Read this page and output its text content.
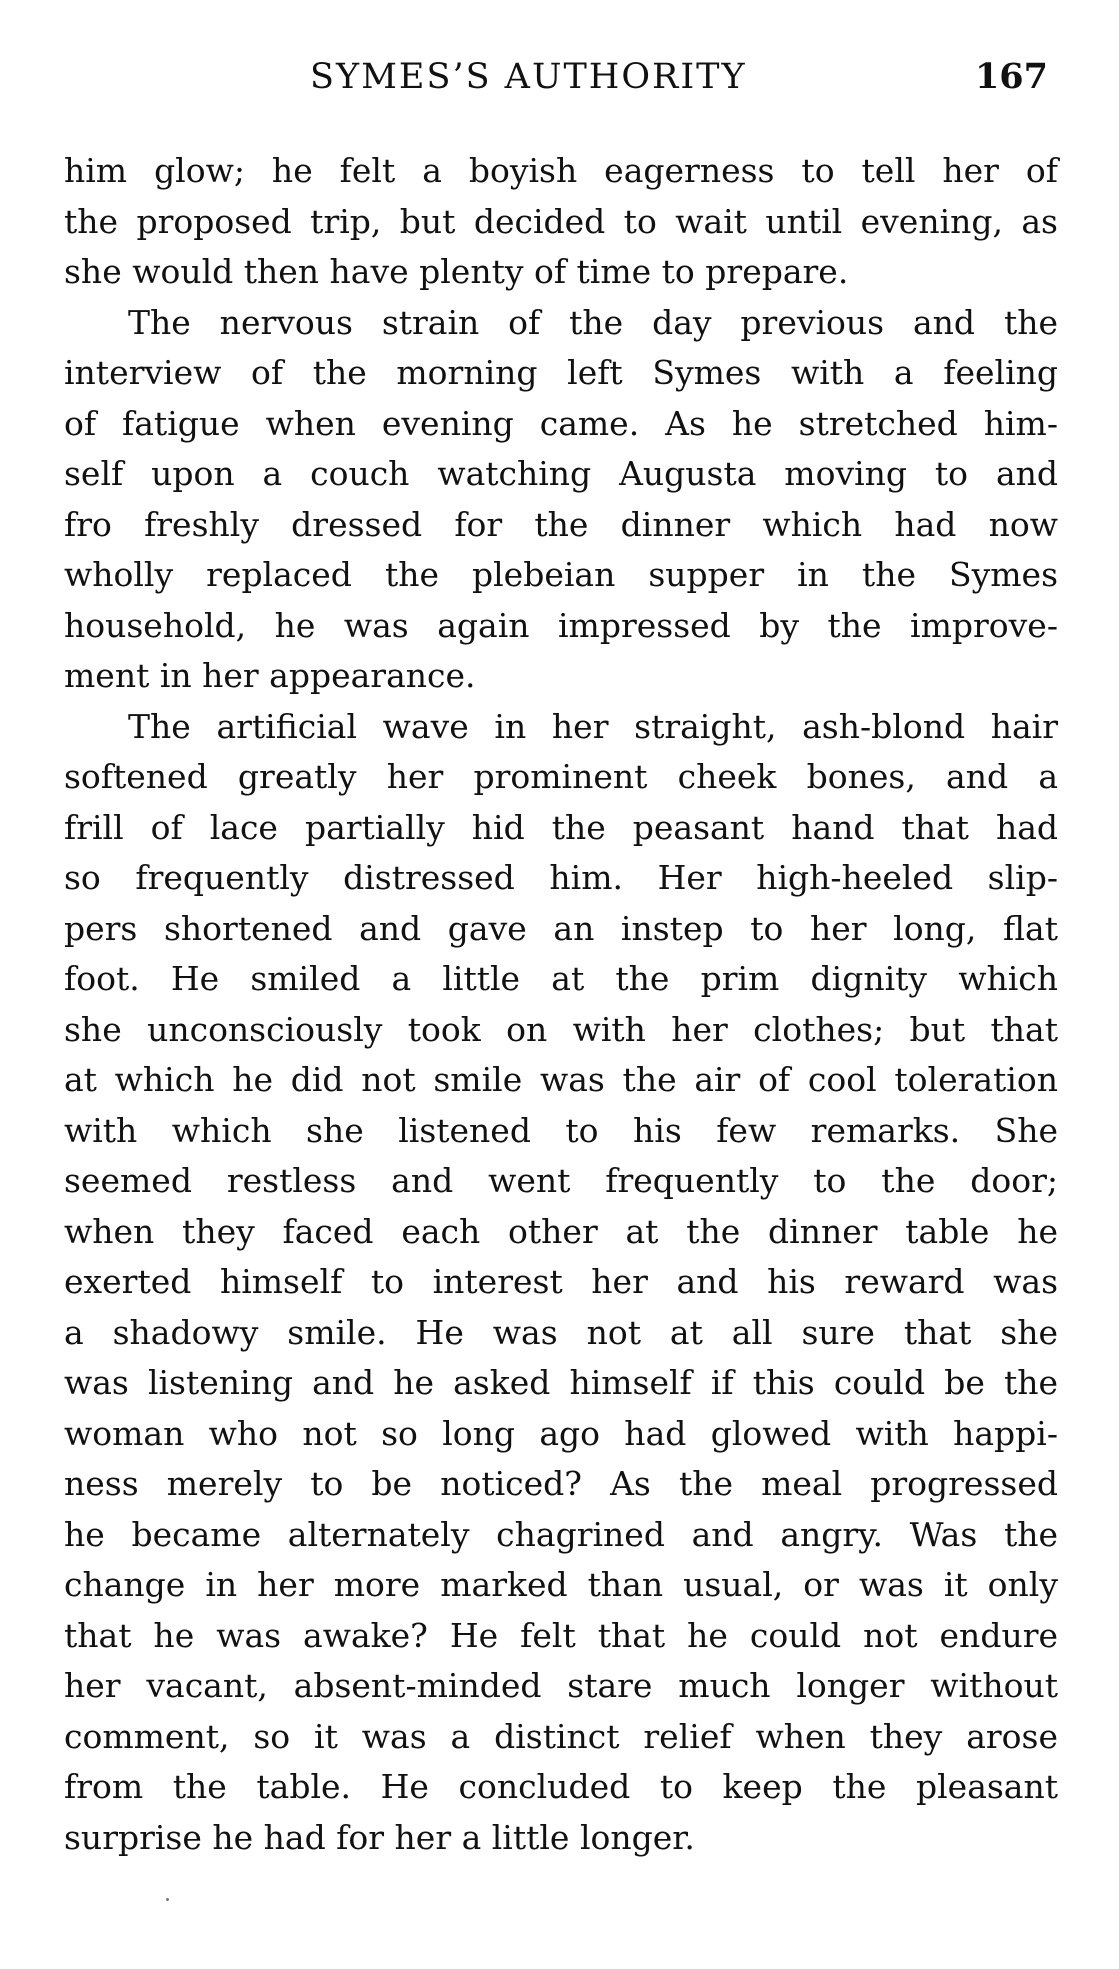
SYMES’S AUTHORITY	167
him glow; he felt a boyish eagerness to tell her of
the proposed trip, but decided to wait until evening, as
she would then have plenty of time to prepare.
The nervous strain of the day previous and the
interview of the morning left Symes with a feeling
of fatigue when evening came. As he stretched him-
self upon a couch watching Augusta moving to and
fro freshly dressed for the dinner which had now
wholly replaced the plebeian supper in the Symes
household, he was again impressed by the improve-
ment in her appearance.
The artificial wave in her straight, ash-blond hair
softened greatly her prominent cheek bones, and a
frill of lace partially hid the peasant hand that had
so frequently distressed him. Her high-heeled slip-
pers shortened and gave an instep to her long, flat
foot. He smiled a little at the prim dignity which
she unconsciously took on with her clothes; but that
at which he did not smile was the air of cool toleration
with which she listened to his few remarks. She
seemed restless and went frequently to the door;
when they faced each other at the dinner table he
exerted himself to interest her and his reward was
a shadowy smile. He was not at all sure that she
was listening and he asked himself if this could be the
woman who not so long ago had glowed with happi-
ness merely to be noticed? As the meal progressed
he became alternately chagrined and angry. Was the
change in her more marked than usual, or was it only
that he was awake? He felt that he could not endure
her vacant, absent-minded stare much longer without
comment, so it was a distinct relief when they arose
from the table. He concluded to keep the pleasant
surprise he had for her a little longer.
